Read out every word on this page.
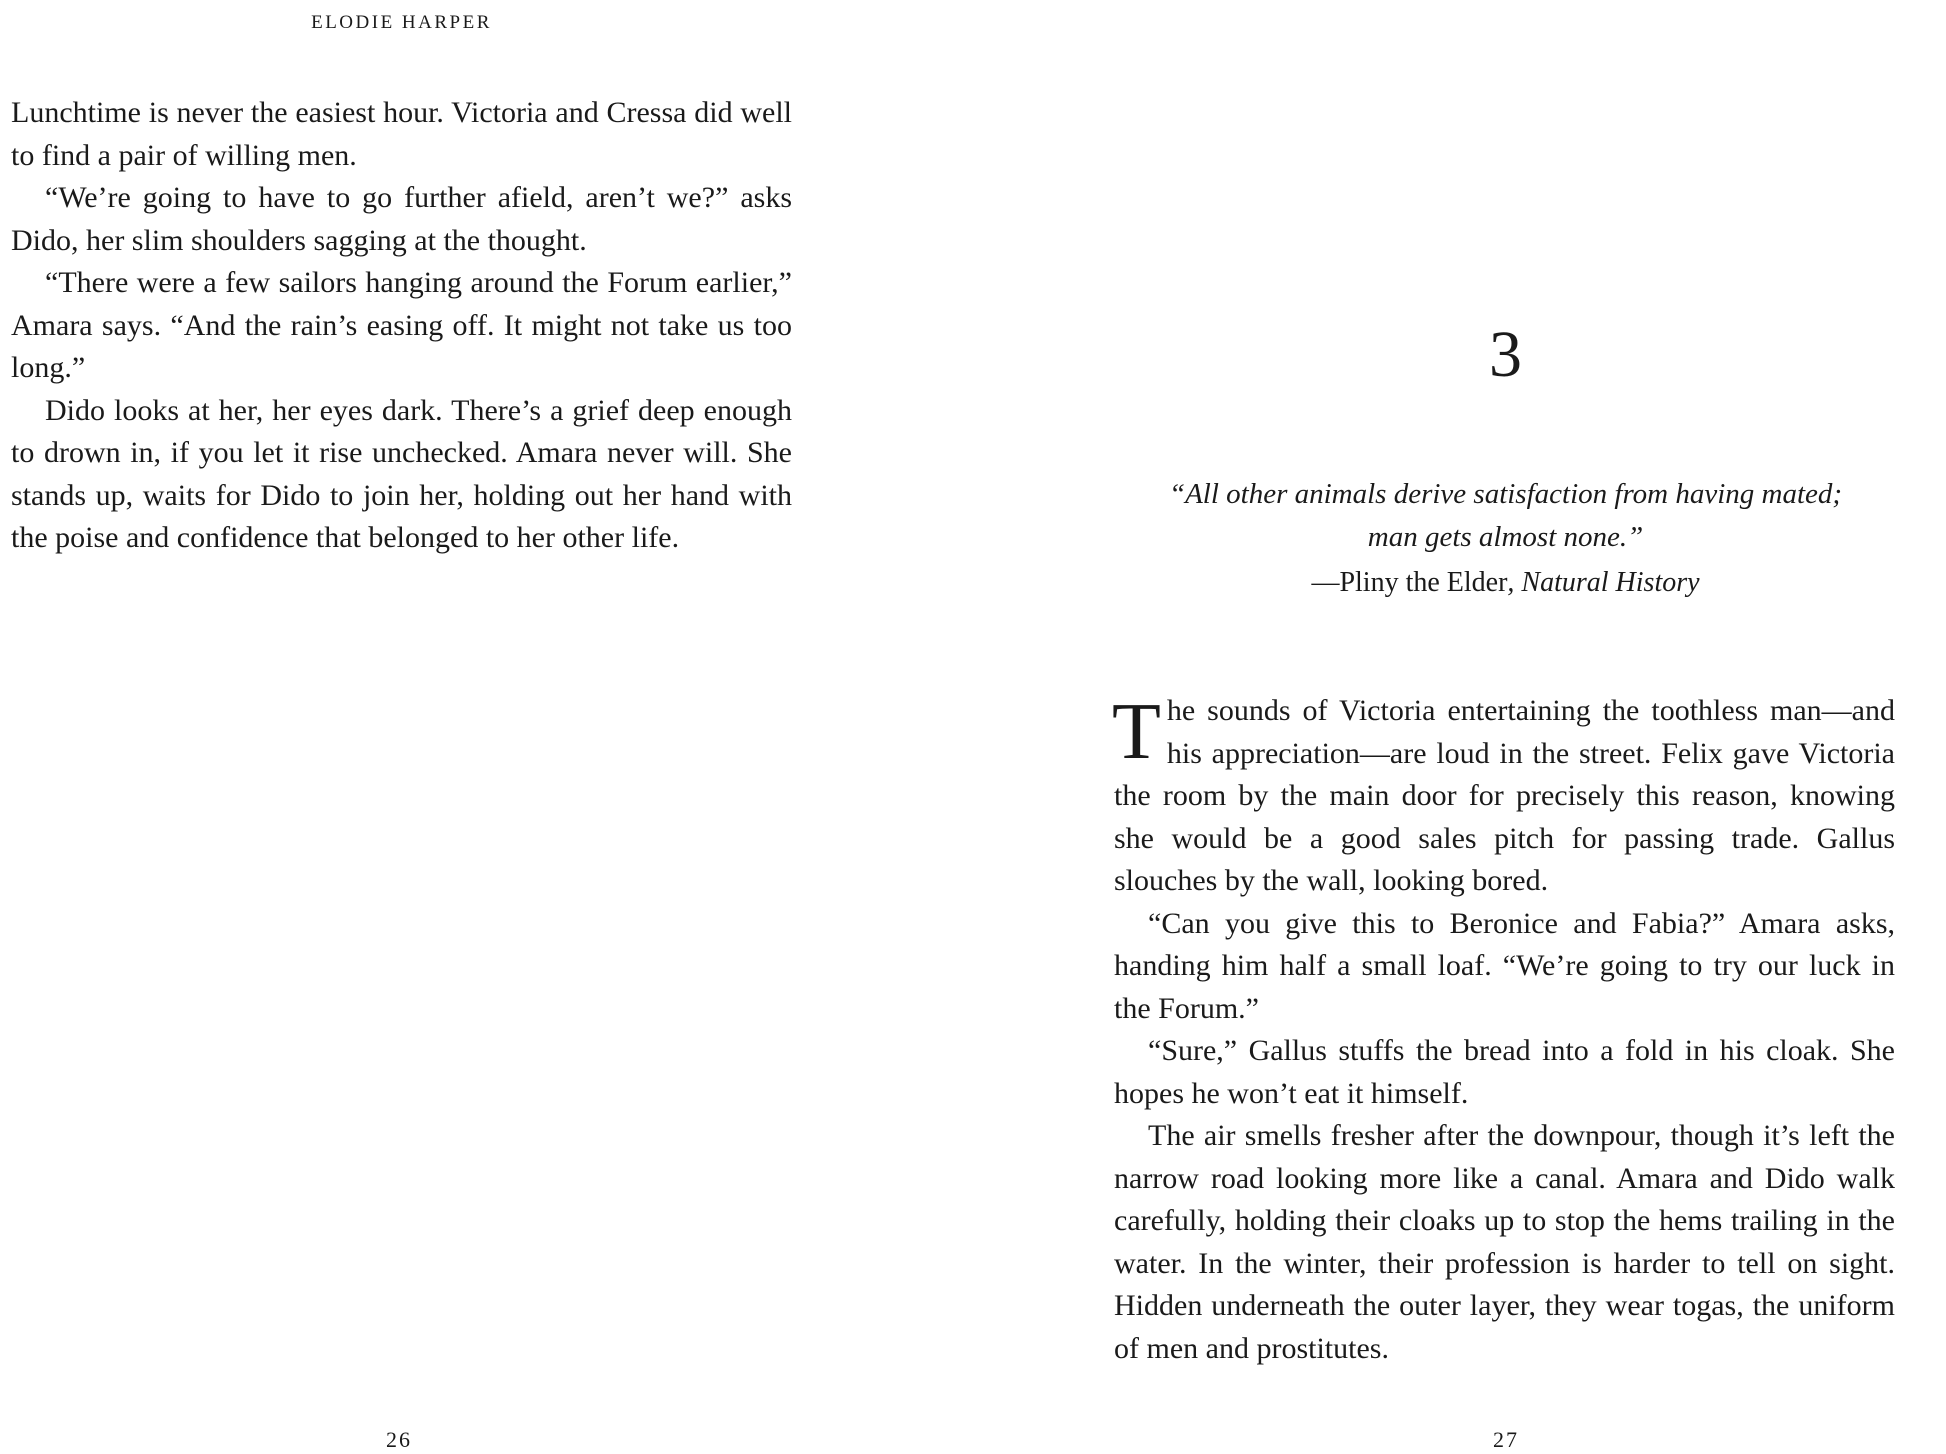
ELODIE HARPER

Lunchtime is never the easiest hour. Victoria and Cressa did well to find a pair of willing men.

“We’re going to have to go further afield, aren’t we?” asks Dido, her slim shoulders sagging at the thought.

“There were a few sailors hanging around the Forum earlier,” Amara says. “And the rain’s easing off. It might not take us too long.”

Dido looks at her, her eyes dark. There’s a grief deep enough to drown in, if you let it rise unchecked. Amara never will. She stands up, waits for Dido to join her, holding out her hand with the poise and confidence that belonged to her other life.

26

3

“All other animals derive satisfaction from having mated;

man gets almost none.”

—Pliny the Elder, Natural History

The sounds of Victoria entertaining the toothless man—and his appreciation—are loud in the street. Felix gave Victoria the room by the main door for precisely this reason, knowing she would be a good sales pitch for passing trade. Gallus slouches by the wall, looking bored.

“Can you give this to Beronice and Fabia?” Amara asks, handing him half a small loaf. “We’re going to try our luck in the Forum.”

“Sure,” Gallus stuffs the bread into a fold in his cloak. She hopes he won’t eat it himself.

The air smells fresher after the downpour, though it’s left the narrow road looking more like a canal. Amara and Dido walk carefully, holding their cloaks up to stop the hems trailing in the water. In the winter, their profession is harder to tell on sight. Hidden underneath the outer layer, they wear togas, the uniform of men and prostitutes.

27
